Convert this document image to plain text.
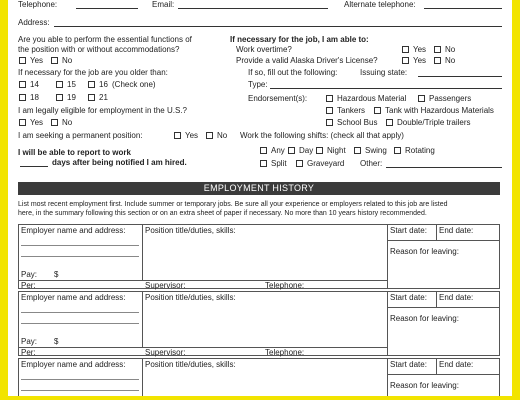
Telephone:	Email:	Alternate telephone:
Address:
Are you able to perform the essential functions of
the position with or without accommodations?
Yes No
If necessary for the job are you older than:
14	15	16 (Check one)
18	19	21
I am legally eligible for employment in the U.S.?
Yes No
I am seeking a permanent position:	Yes No
I will be able to report to work
days after being notified I am hired.
If necessary for the job, I am able to:
Work overtime?	Yes No
Provide a valid Alaska Driver's License?	Yes No
If so, fill out the following:	Issuing state:
Type:
Endorsement(s):	Hazardous Material	Passengers
Tankers Tank with Hazardous Materials
School Bus Double/Triple trailers
Work the following shifts: (check all that apply)
Any Day Night Swing Rotating
Split	Graveyard Other:
EMPLOYMENT HISTORY
List most recent employment first. Include summer or temporary jobs. Be sure all your experience or employers related to this job are listed
here, in the summary following this section or on an extra sheet of paper if necessary. No more than 10 years history recommended.
Employer name and address: Position title/duties, skills:	Start date: End date:
Reason for leaving:
Pay: $
Per:	Supervisor:	Telephone:
Employer name and address: Position title/duties, skills:	Start date: End date:
Reason for leaving:
Pay: $
Per:	Supervisor:	Telephone:
Employer name and address: Position title/duties, skills:	Start date: End date:
Reason for leaving:
